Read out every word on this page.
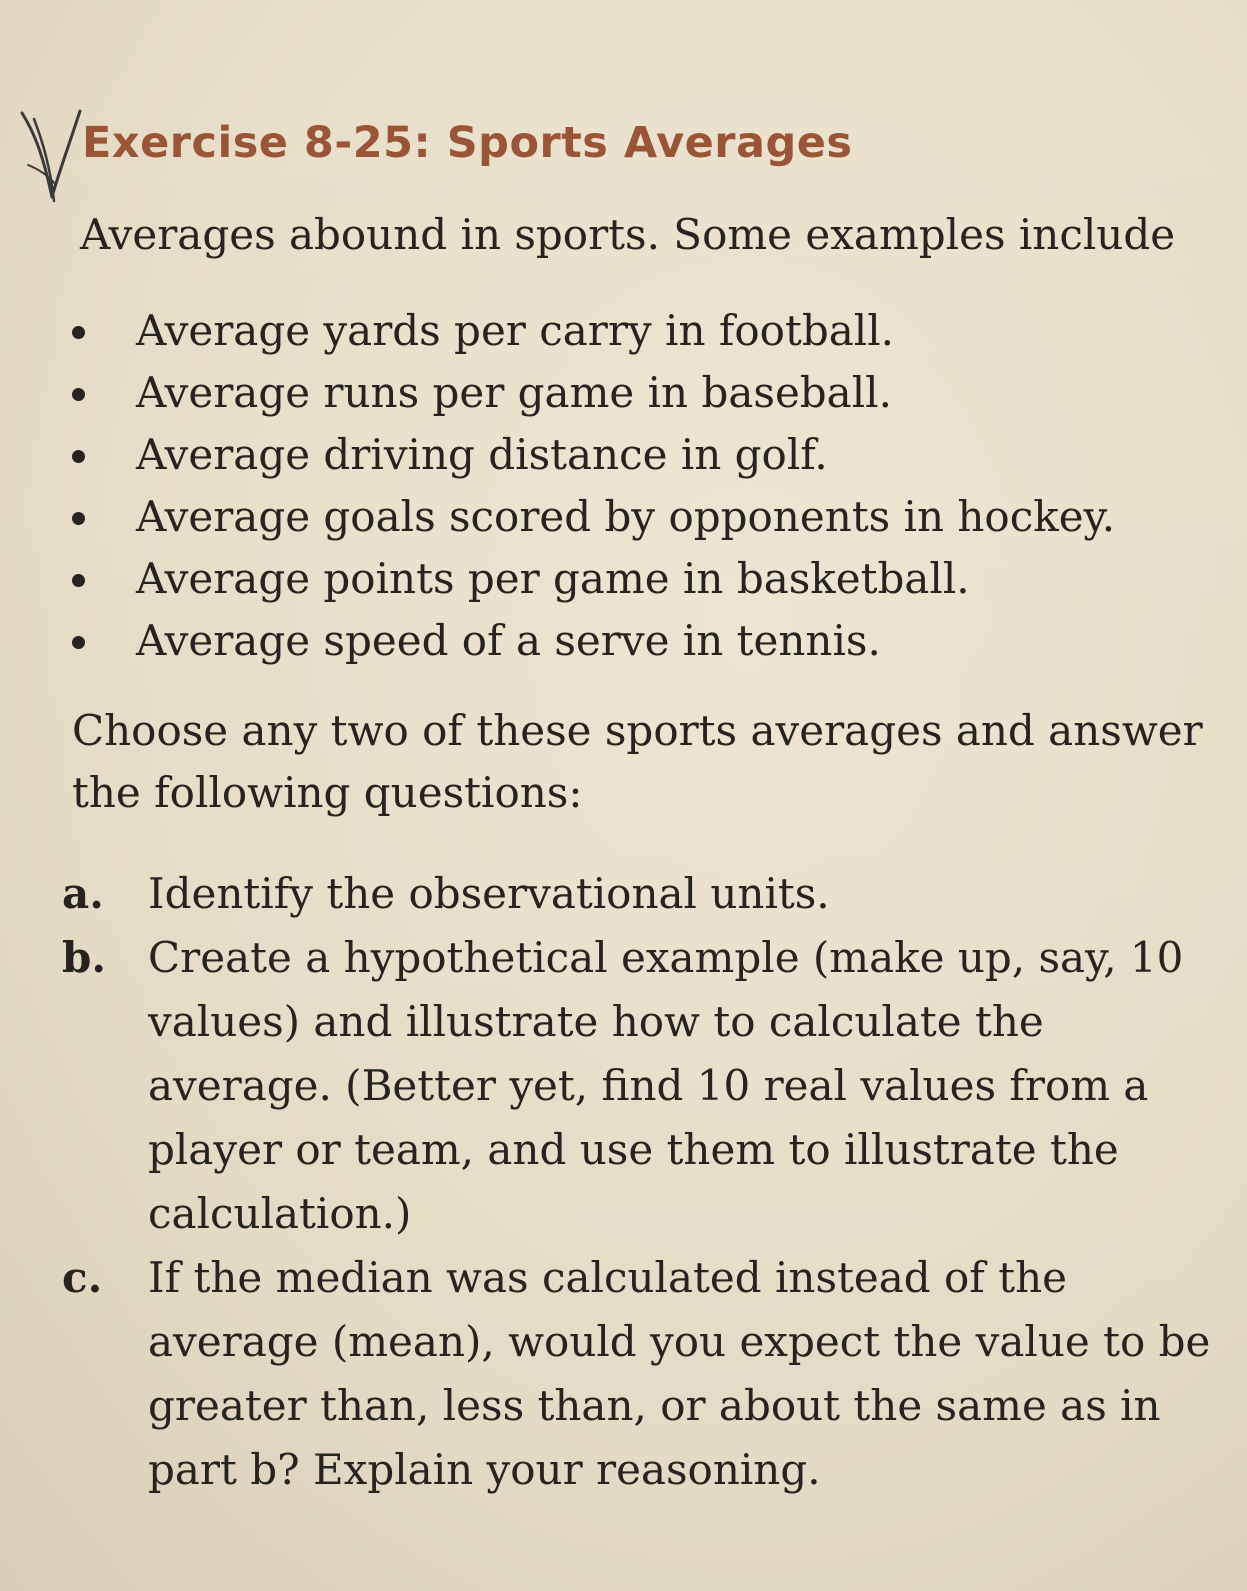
Exercise 8-25: Sports Averages

Averages abound in sports. Some examples include

Average yards per carry in football.
Average runs per game in baseball.
Average driving distance in golf.
Average goals scored by opponents in hockey.
Average points per game in basketball.
Average speed of a serve in tennis.

Choose any two of these sports averages and answer the following questions:

a. Identify the observational units.
b. Create a hypothetical example (make up, say, 10 values) and illustrate how to calculate the average. (Better yet, find 10 real values from a player or team, and use them to illustrate the calculation.)
c. If the median was calculated instead of the average (mean), would you expect the value to be greater than, less than, or about the same as in part b? Explain your reasoning.
